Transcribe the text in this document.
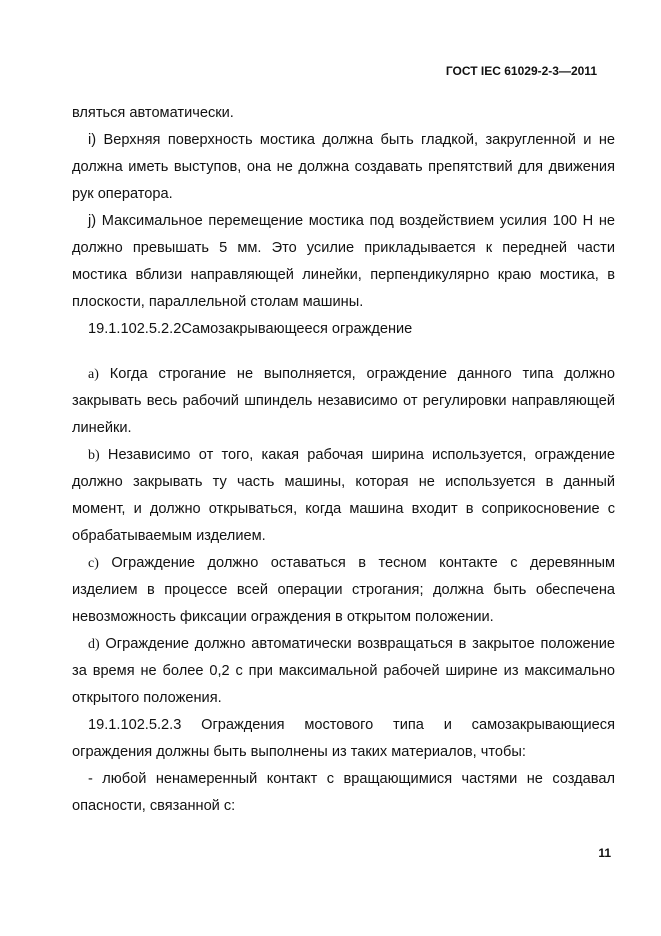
ГОСТ IEC 61029-2-3—2011

вляться автоматически.

i) Верхняя поверхность мостика должна быть гладкой, закругленной и не должна иметь выступов, она не должна создавать препятствий для движения рук оператора.

j) Максимальное перемещение мостика под воздействием усилия 100 Н не должно превышать 5 мм. Это усилие прикладывается к передней части мостика вблизи направляющей линейки, перпендикулярно краю мостика, в плоскости, параллельной столам машины.

19.1.102.5.2.2Самозакрывающееся ограждение

a) Когда строгание не выполняется, ограждение данного типа должно закрывать весь рабочий шпиндель независимо от регулировки направляющей линейки.

b) Независимо от того, какая рабочая ширина используется, ограждение должно закрывать ту часть машины, которая не используется в данный момент, и должно открываться, когда машина входит в соприкосновение с обрабатываемым изделием.

c) Ограждение должно оставаться в тесном контакте с деревянным изделием в процессе всей операции строгания; должна быть обеспечена невозможность фиксации ограждения в открытом положении.

d) Ограждение должно автоматически возвращаться в закрытое положение за время не более 0,2 с при максимальной рабочей ширине из максимально открытого положения.

19.1.102.5.2.3 Ограждения мостового типа и самозакрывающиеся ограждения должны быть выполнены из таких материалов, чтобы:

- любой ненамеренный контакт с вращающимися частями не создавал опасности, связанной с:

11
